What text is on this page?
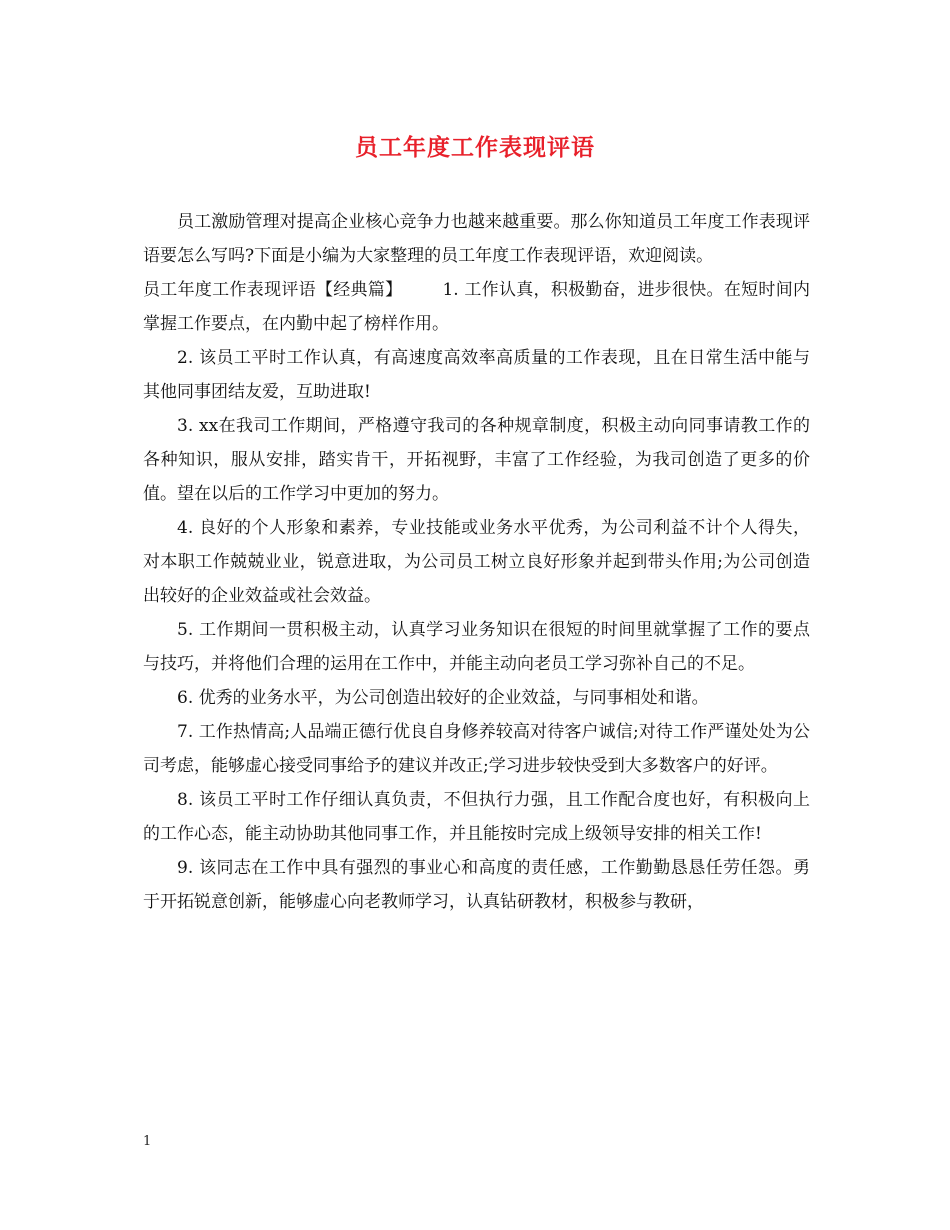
员工年度工作表现评语

员工激励管理对提高企业核心竞争力也越来越重要。那么你知道员工年度工作表现评语要怎么写吗?下面是小编为大家整理的员工年度工作表现评语，欢迎阅读。

员工年度工作表现评语【经典篇】 1. 工作认真，积极勤奋，进步很快。在短时间内掌握工作要点，在内勤中起了榜样作用。

2. 该员工平时工作认真，有高速度高效率高质量的工作表现，且在日常生活中能与其他同事团结友爱，互助进取!

3. xx在我司工作期间，严格遵守我司的各种规章制度，积极主动向同事请教工作的各种知识，服从安排，踏实肯干，开拓视野，丰富了工作经验，为我司创造了更多的价值。望在以后的工作学习中更加的努力。

4. 良好的个人形象和素养，专业技能或业务水平优秀，为公司利益不计个人得失，对本职工作兢兢业业，锐意进取，为公司员工树立良好形象并起到带头作用;为公司创造出较好的企业效益或社会效益。

5. 工作期间一贯积极主动，认真学习业务知识在很短的时间里就掌握了工作的要点与技巧，并将他们合理的运用在工作中，并能主动向老员工学习弥补自己的不足。

6. 优秀的业务水平，为公司创造出较好的企业效益，与同事相处和谐。

7. 工作热情高;人品端正德行优良自身修养较高对待客户诚信;对待工作严谨处处为公司考虑，能够虚心接受同事给予的建议并改正;学习进步较快受到大多数客户的好评。

8. 该员工平时工作仔细认真负责，不但执行力强，且工作配合度也好，有积极向上的工作心态，能主动协助其他同事工作，并且能按时完成上级领导安排的相关工作!

9. 该同志在工作中具有强烈的事业心和高度的责任感，工作勤勤恳恳任劳任怨。勇于开拓锐意创新，能够虚心向老教师学习，认真钻研教材，积极参与教研，

1
